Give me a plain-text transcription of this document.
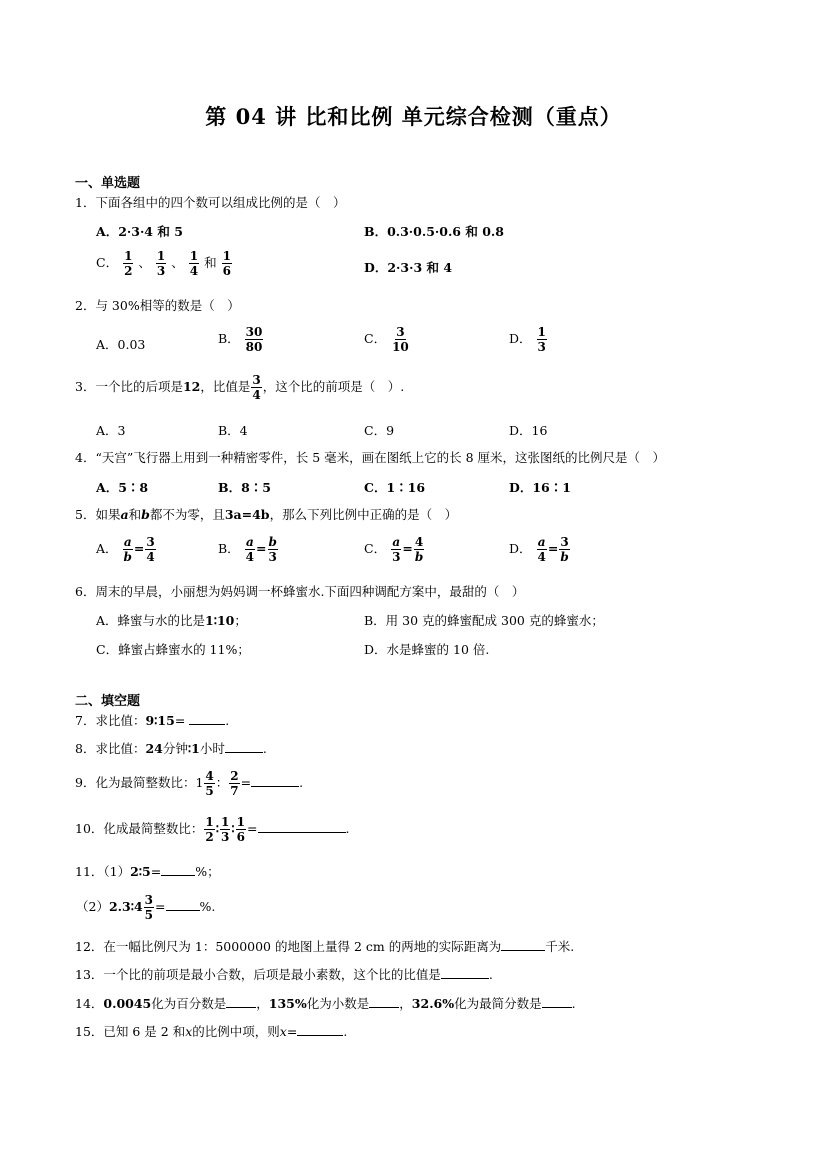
第 04 讲 比和比例 单元综合检测（重点）
一、单选题
1．下面各组中的四个数可以组成比例的是（　）
A．2·3·4 和 5	B．0.3·0.5·0.6 和 0.8
C． $\frac{1}{2}$ 、 $\frac{1}{3}$ 、 $\frac{1}{4}$ 和 $\frac{1}{6}$	D．2·3·3 和 4
2．与 30%相等的数是（　）
A．0.03	B． $\frac{30}{80}$	C． $\frac{3}{10}$	D． $\frac{1}{3}$
3．一个比的后项是12，比值是 $\frac{3}{4}$ ，这个比的前项是（　）.
A．3	B．4	C．9	D．16
4．“天宫”飞行器上用到一种精密零件，长 5 毫米，画在图纸上它的长 8 厘米，这张图纸的比例尺是（　）
A．5∶8	B．8∶5	C．1∶16	D．16∶1
5．如果a和b都不为零，且3a=4b，那么下列比例中正确的是（　）
A． $\frac{a}{b} = \frac{3}{4}$	B． $\frac{a}{4} = \frac{b}{3}$	C． $\frac{a}{3} = \frac{4}{b}$	D． $\frac{a}{4} = \frac{3}{b}$
6．周末的早晨，小丽想为妈妈调一杯蜂蜜水.下面四种调配方案中，最甜的（　）
A．蜂蜜与水的比是1∶10；	B．用 30 克的蜂蜜配成 300 克的蜂蜜水；
C．蜂蜜占蜂蜜水的 11%；	D．水是蜂蜜的 10 倍.
二、填空题
7．求比值：9∶15=	.
8．求比值：24分钟∶1小时	.
9．化为最简整数比：$1 \frac{4}{5}$ ： $\frac{2}{7}$ =	.
10．化成最简整数比： $\frac{1}{2}$ ∶ $\frac{1}{3}$ ∶ $\frac{1}{6}$ =	.
11．（1）2∶5=	%；
（2）2.3∶4 $\frac{3}{5}$ =	%.
12．在一幅比例尺为 1：5000000 的地图上量得 2 cm 的两地的实际距离为	千米.
13．一个比的前项是最小合数，后项是最小素数，这个比的比值是	.
14．0.0045化为百分数是 ，135%化为小数是 ，32.6%化为最简分数是 .
15．已知 6 是 2 和x的比例中项，则x=	.
